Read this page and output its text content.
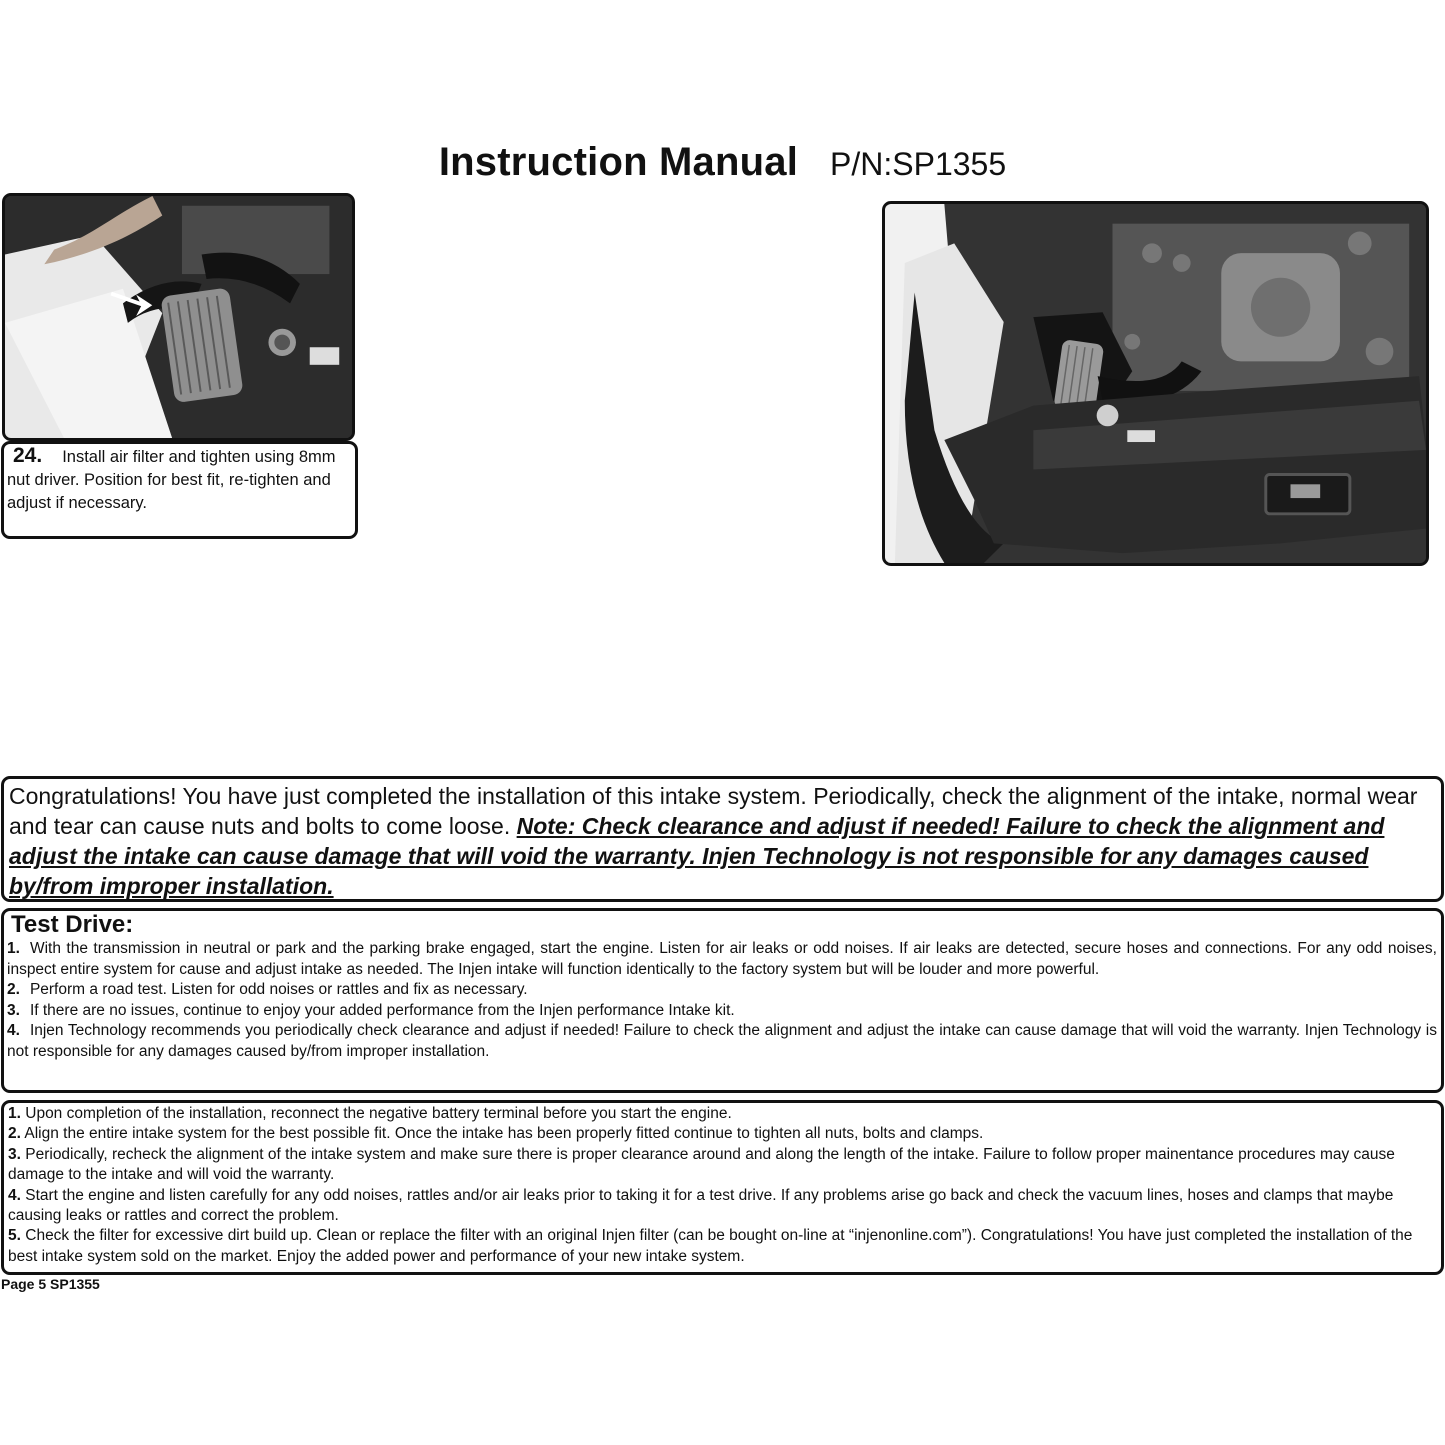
Instruction Manual P/N:SP1355
24. Install air filter and tighten using 8mm nut driver. Position for best fit, re-tighten and adjust if necessary.
Congratulations! You have just completed the installation of this intake system. Periodically, check the alignment of the intake, normal wear and tear can cause nuts and bolts to come loose. Note: Check clearance and adjust if needed! Failure to check the alignment and adjust the intake can cause damage that will void the warranty. Injen Technology is not responsible for any damages caused by/from improper installation.
Test Drive:

1. With the transmission in neutral or park and the parking brake engaged, start the engine. Listen for air leaks or odd noises. If air leaks are detected, secure hoses and connections. For any odd noises, inspect entire system for cause and adjust intake as needed. The Injen intake will function identically to the factory system but will be louder and more powerful.

2. Perform a road test. Listen for odd noises or rattles and fix as necessary.

3. If there are no issues, continue to enjoy your added performance from the Injen performance Intake kit.

4. Injen Technology recommends you periodically check clearance and adjust if needed! Failure to check the alignment and adjust the intake can cause damage that will void the warranty. Injen Technology is not responsible for any damages caused by/from improper installation.

1. Upon completion of the installation, reconnect the negative battery terminal before you start the engine.

2. Align the entire intake system for the best possible fit. Once the intake has been properly fitted continue to tighten all nuts, bolts and clamps.

3. Periodically, recheck the alignment of the intake system and make sure there is proper clearance around and along the length of the intake. Failure to follow proper mainentance procedures may cause damage to the intake and will void the warranty.

4. Start the engine and listen carefully for any odd noises, rattles and/or air leaks prior to taking it for a test drive. If any problems arise go back and check the vacuum lines, hoses and clamps that maybe causing leaks or rattles and correct the problem.

5. Check the filter for excessive dirt build up. Clean or replace the filter with an original Injen filter (can be bought on-line at “injenonline.com”). Congratulations! You have just completed the installation of the best intake system sold on the market. Enjoy the added power and performance of your new intake system.

Page 5 SP1355
